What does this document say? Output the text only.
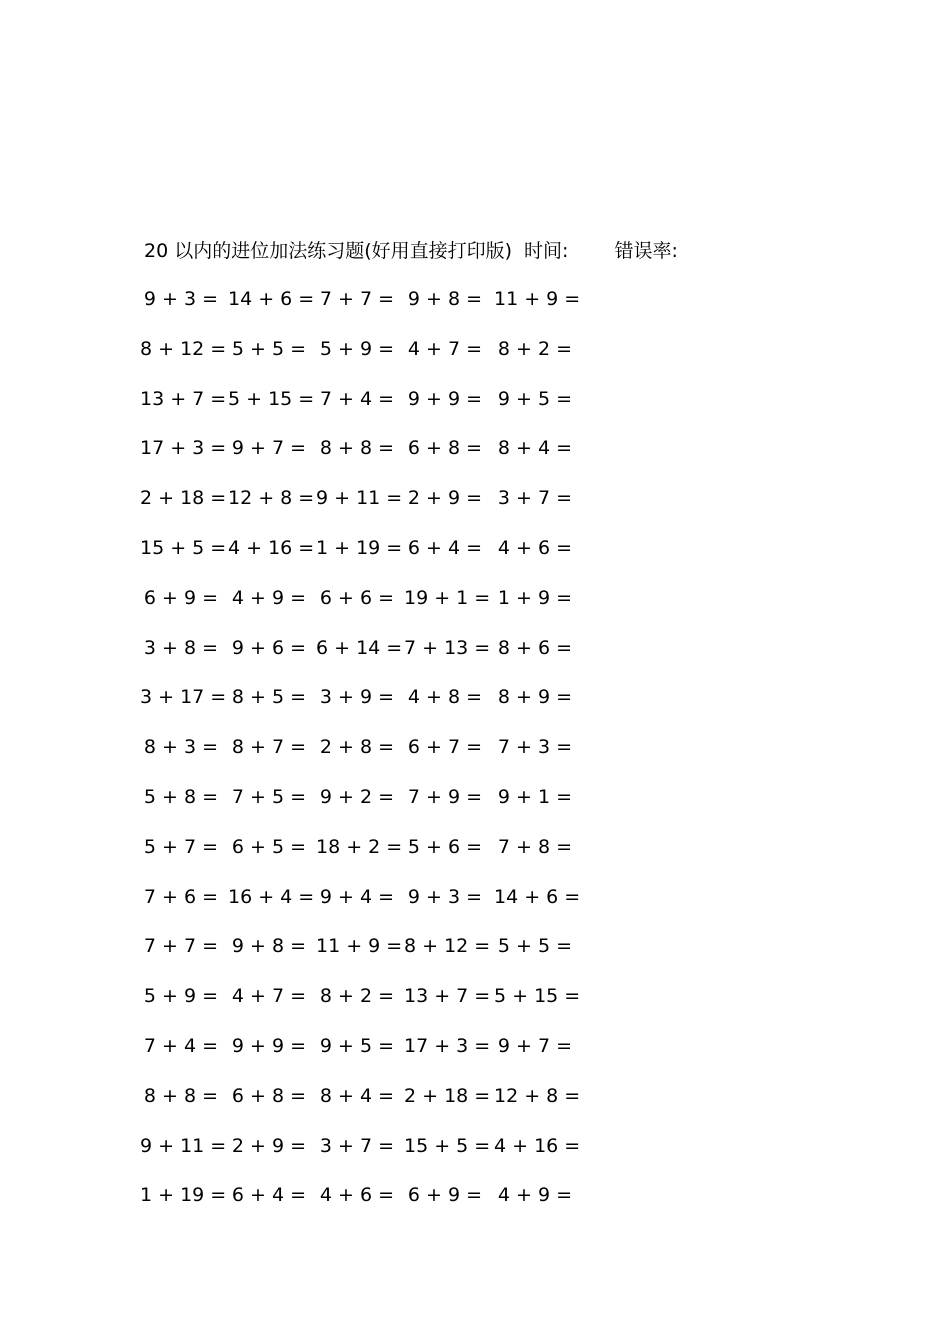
20 以内的进位加法练习题(好用直接打印版) 时间: 错误率:
9 + 3 = 14 + 6 = 7 + 7 = 9 + 8 = 11 + 9 =
8 + 12 = 5 + 5 = 5 + 9 = 4 + 7 = 8 + 2 =
13 + 7 = 5 + 15 = 7 + 4 = 9 + 9 = 9 + 5 =
17 + 3 = 9 + 7 = 8 + 8 = 6 + 8 = 8 + 4 =
2 + 18 = 12 + 8 = 9 + 11 = 2 + 9 = 3 + 7 =
15 + 5 = 4 + 16 = 1 + 19 = 6 + 4 = 4 + 6 =
6 + 9 = 4 + 9 = 6 + 6 = 19 + 1 = 1 + 9 =
3 + 8 = 9 + 6 = 6 + 14 = 7 + 13 = 8 + 6 =
3 + 17 = 8 + 5 = 3 + 9 = 4 + 8 = 8 + 9 =
8 + 3 = 8 + 7 = 2 + 8 = 6 + 7 = 7 + 3 =
5 + 8 = 7 + 5 = 9 + 2 = 7 + 9 = 9 + 1 =
5 + 7 = 6 + 5 = 18 + 2 = 5 + 6 = 7 + 8 =
7 + 6 = 16 + 4 = 9 + 4 = 9 + 3 = 14 + 6 =
7 + 7 = 9 + 8 = 11 + 9 = 8 + 12 = 5 + 5 =
5 + 9 = 4 + 7 = 8 + 2 = 13 + 7 = 5 + 15 =
7 + 4 = 9 + 9 = 9 + 5 = 17 + 3 = 9 + 7 =
8 + 8 = 6 + 8 = 8 + 4 = 2 + 18 = 12 + 8 =
9 + 11 = 2 + 9 = 3 + 7 = 15 + 5 = 4 + 16 =
1 + 19 = 6 + 4 = 4 + 6 = 6 + 9 = 4 + 9 =
